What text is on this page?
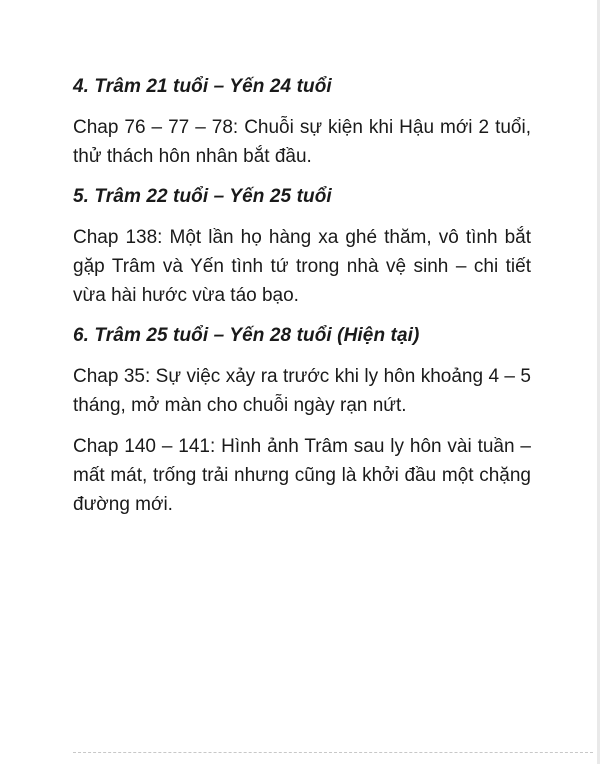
4. Trâm 21 tuổi – Yến 24 tuổi
Chap 76 – 77 – 78: Chuỗi sự kiện khi Hậu mới 2 tuổi, thử thách hôn nhân bắt đầu.
5. Trâm 22 tuổi – Yến 25 tuổi
Chap 138: Một lần họ hàng xa ghé thăm, vô tình bắt gặp Trâm và Yến tình tứ trong nhà vệ sinh – chi tiết vừa hài hước vừa táo bạo.
6. Trâm 25 tuổi – Yến 28 tuổi (Hiện tại)
Chap 35: Sự việc xảy ra trước khi ly hôn khoảng 4 – 5 tháng, mở màn cho chuỗi ngày rạn nứt.
Chap 140 – 141: Hình ảnh Trâm sau ly hôn vài tuần – mất mát, trống trải nhưng cũng là khởi đầu một chặng đường mới.
